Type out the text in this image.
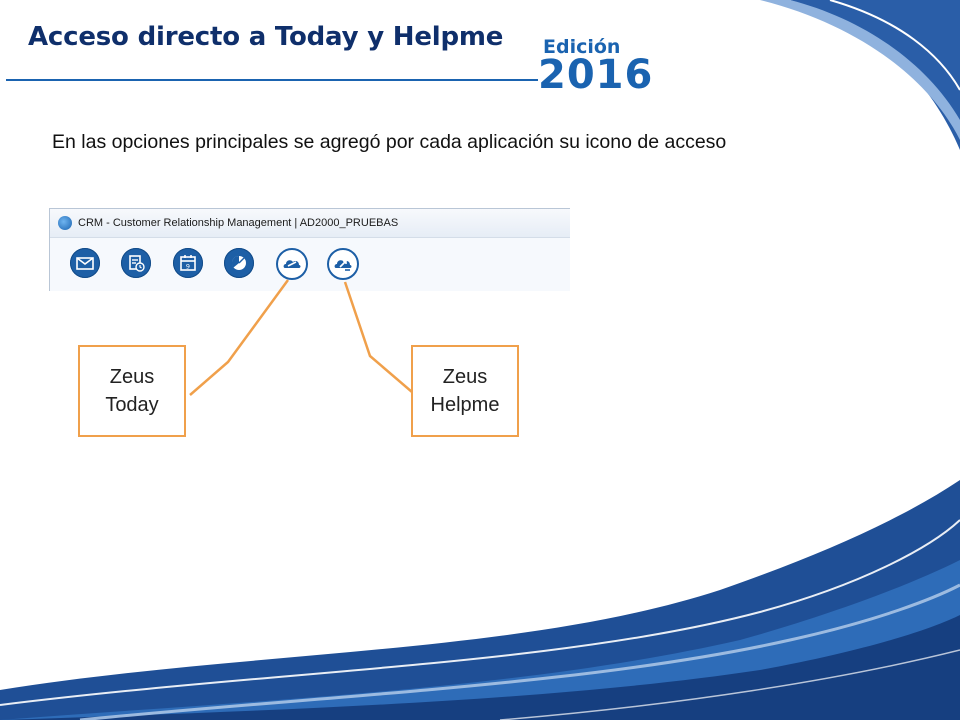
Acceso directo a Today y Helpme Edición
2016
En las opciones principales se agregó por cada aplicación su icono de acceso
CRM - Customer Relationship Management | AD2000_PRUEBAS
9
Zeus
Today
Zeus
Helpme
